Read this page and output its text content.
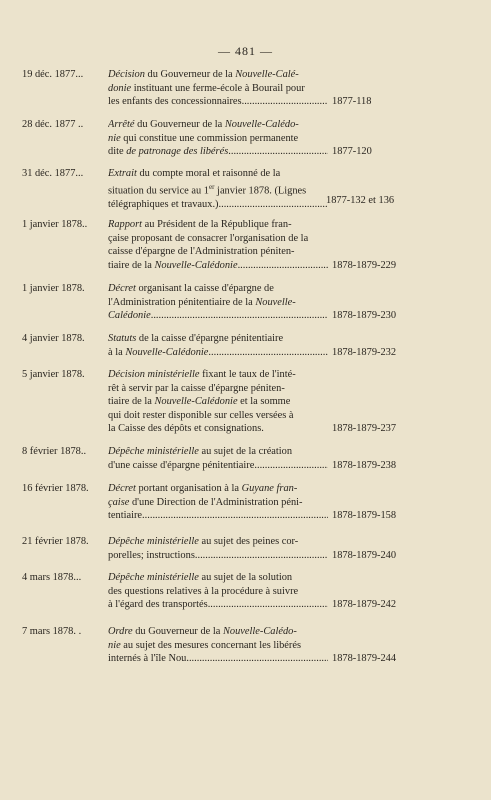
— 481 —
19 déc. 1877... Décision du Gouverneur de la Nouvelle-Calé-
donie instituant une ferme-école à Bourail pour
les enfants des concessionnaires .....	1877-118
28 déc. 1877 .. Arrêté du Gouverneur de la Nouvelle-Calédo-
nie qui constitue une commission permanente
dite de patronage des libérés .....	1877-120
31 déc. 1877... Extrait du compte moral et raisonné de la
situation du service au 1er janvier 1878. (Lignes
télégraphiques et travaux.) .....	1877-132 et 136
1 janvier 1878.. Rapport au Président de la République fran-
çaise proposant de consacrer l'organisation de la
caisse d'épargne de l'Administration péniten-
tiaire de la Nouvelle-Calédonie .....	1878-1879-229
1 janvier 1878. Décret organisant la caisse d'épargne de
l'Administration pénitentiaire de la Nouvelle-
Calédonie .....	1878-1879-230
4 janvier 1878. Statuts de la caisse d'épargne pénitentiaire
à la Nouvelle-Calédonie .....	1878-1879-232
5 janvier 1878. Décision ministérielle fixant le taux de l'inté-
rêt à servir par la caisse d'épargne péniten-
tiaire de la Nouvelle-Calédonie et la somme
qui doit rester disponible sur celles versées à
la Caisse des dépôts et consignations.	1878-1879-237
8 février 1878.. Dépêche ministérielle au sujet de la création
d'une caisse d'épargne pénitentiaire .....	1878-1879-238
16 février 1878. Décret portant organisation à la Guyane fran-
çaise d'une Direction de l'Administration péni-
tentiaire .....	1878-1879-158
21 février 1878. Dépêche ministérielle au sujet des peines cor-
porelles; instructions .....	1878-1879-240
4 mars 1878...	Dépêche ministérielle au sujet de la solution
des questions relatives à la procédure à suivre
à l'égard des transportés .....	1878-1879-242
7 mars 1878. .	Ordre du Gouverneur de la Nouvelle-Calédo-
nie au sujet des mesures concernant les libérés
internés à l'île Nou .....	1878-1879-244
